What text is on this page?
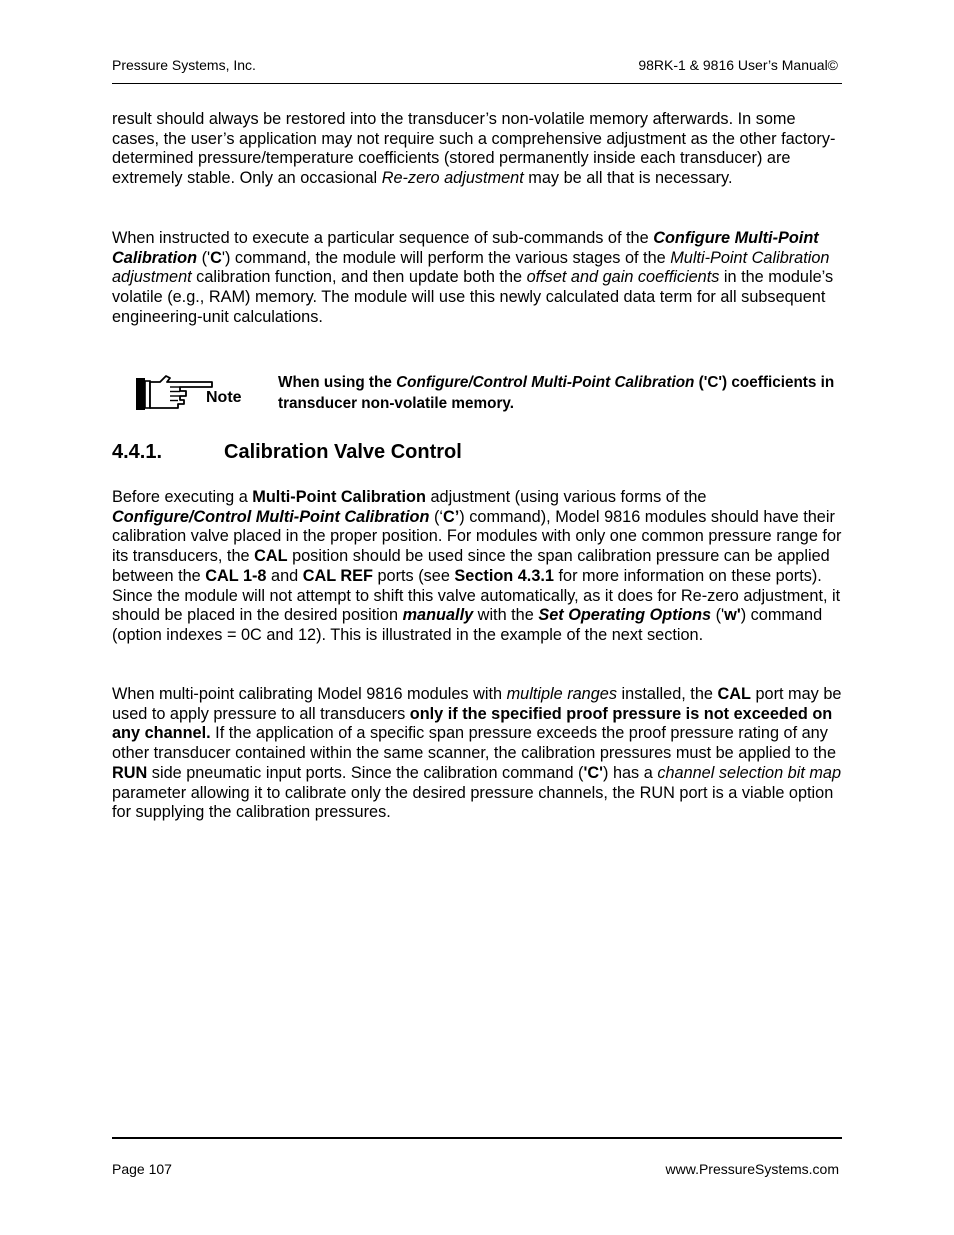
Pressure Systems, Inc.	98RK-1 & 9816 User’s Manual©
result should always be restored into the transducer’s non-volatile memory afterwards. In some cases, the user’s application may not require such a comprehensive adjustment as the other factory-determined pressure/temperature coefficients (stored permanently inside each transducer) are extremely stable. Only an occasional Re-zero adjustment may be all that is necessary.
When instructed to execute a particular sequence of sub-commands of the Configure Multi-Point Calibration ('C') command, the module will perform the various stages of the Multi-Point Calibration adjustment calibration function, and then update both the offset and gain coefficients in the module’s volatile (e.g., RAM) memory. The module will use this newly calculated data term for all subsequent engineering-unit calculations.
Note
When using the Configure/Control Multi-Point Calibration ('C') coefficients in transducer non-volatile memory.
4.4.1.	Calibration Valve Control
Before executing a Multi-Point Calibration adjustment (using various forms of the Configure/Control Multi-Point Calibration (‘C’) command), Model 9816 modules should have their calibration valve placed in the proper position. For modules with only one common pressure range for its transducers, the CAL position should be used since the span calibration pressure can be applied between the CAL 1-8 and CAL REF ports (see Section 4.3.1 for more information on these ports). Since the module will not attempt to shift this valve automatically, as it does for Re-zero adjustment, it should be placed in the desired position manually with the Set Operating Options ('w') command (option indexes = 0C and 12). This is illustrated in the example of the next section.
When multi-point calibrating Model 9816 modules with multiple ranges installed, the CAL port may be used to apply pressure to all transducers only if the specified proof pressure is not exceeded on any channel. If the application of a specific span pressure exceeds the proof pressure rating of any other transducer contained within the same scanner, the calibration pressures must be applied to the RUN side pneumatic input ports. Since the calibration command ('C') has a channel selection bit map parameter allowing it to calibrate only the desired pressure channels, the RUN port is a viable option for supplying the calibration pressures.
Page 107	www.PressureSystems.com
